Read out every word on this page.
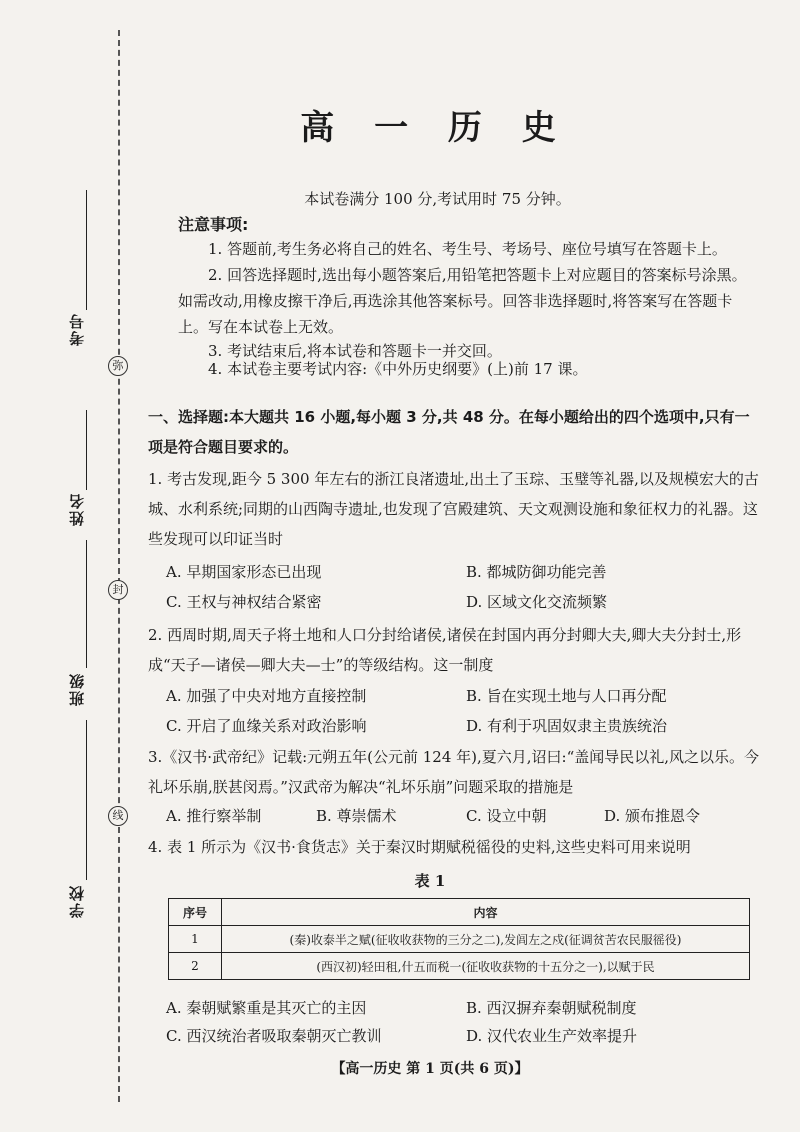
弥
封
线
考号
姓名
班级
学校
高 一 历 史
本试卷满分 100 分,考试用时 75 分钟。
注意事项:
1. 答题前,考生务必将自己的姓名、考生号、考场号、座位号填写在答题卡上。
2. 回答选择题时,选出每小题答案后,用铅笔把答题卡上对应题目的答案标号涂黑。如需改动,用橡皮擦干净后,再选涂其他答案标号。回答非选择题时,将答案写在答题卡上。写在本试卷上无效。
3. 考试结束后,将本试卷和答题卡一并交回。
4. 本试卷主要考试内容:《中外历史纲要》(上)前 17 课。
一、选择题:本大题共 16 小题,每小题 3 分,共 48 分。在每小题给出的四个选项中,只有一项是符合题目要求的。
1. 考古发现,距今 5 300 年左右的浙江良渚遗址,出土了玉琮、玉璧等礼器,以及规模宏大的古城、水利系统;同期的山西陶寺遗址,也发现了宫殿建筑、天文观测设施和象征权力的礼器。这些发现可以印证当时
A. 早期国家形态已出现	B. 都城防御功能完善
C. 王权与神权结合紧密	D. 区域文化交流频繁
2. 西周时期,周天子将土地和人口分封给诸侯,诸侯在封国内再分封卿大夫,卿大夫分封士,形成“天子—诸侯—卿大夫—士”的等级结构。这一制度
A. 加强了中央对地方直接控制	B. 旨在实现土地与人口再分配
C. 开启了血缘关系对政治影响	D. 有利于巩固奴隶主贵族统治
3.《汉书·武帝纪》记载:元朔五年(公元前 124 年),夏六月,诏曰:“盖闻导民以礼,风之以乐。今礼坏乐崩,朕甚闵焉。”汉武帝为解决“礼坏乐崩”问题采取的措施是
A. 推行察举制	B. 尊崇儒术	C. 设立中朝	D. 颁布推恩令
4. 表 1 所示为《汉书·食货志》关于秦汉时期赋税徭役的史料,这些史料可用来说明
表 1
序号	内容
1	(秦)收泰半之赋(征收收获物的三分之二),发闾左之戍(征调贫苦农民服徭役)
2	(西汉初)轻田租,什五而税一(征收收获物的十五分之一),以赋于民
A. 秦朝赋繁重是其灭亡的主因	B. 西汉摒弃秦朝赋税制度
C. 西汉统治者吸取秦朝灭亡教训	D. 汉代农业生产效率提升
【高一历史 第 1 页(共 6 页)】
